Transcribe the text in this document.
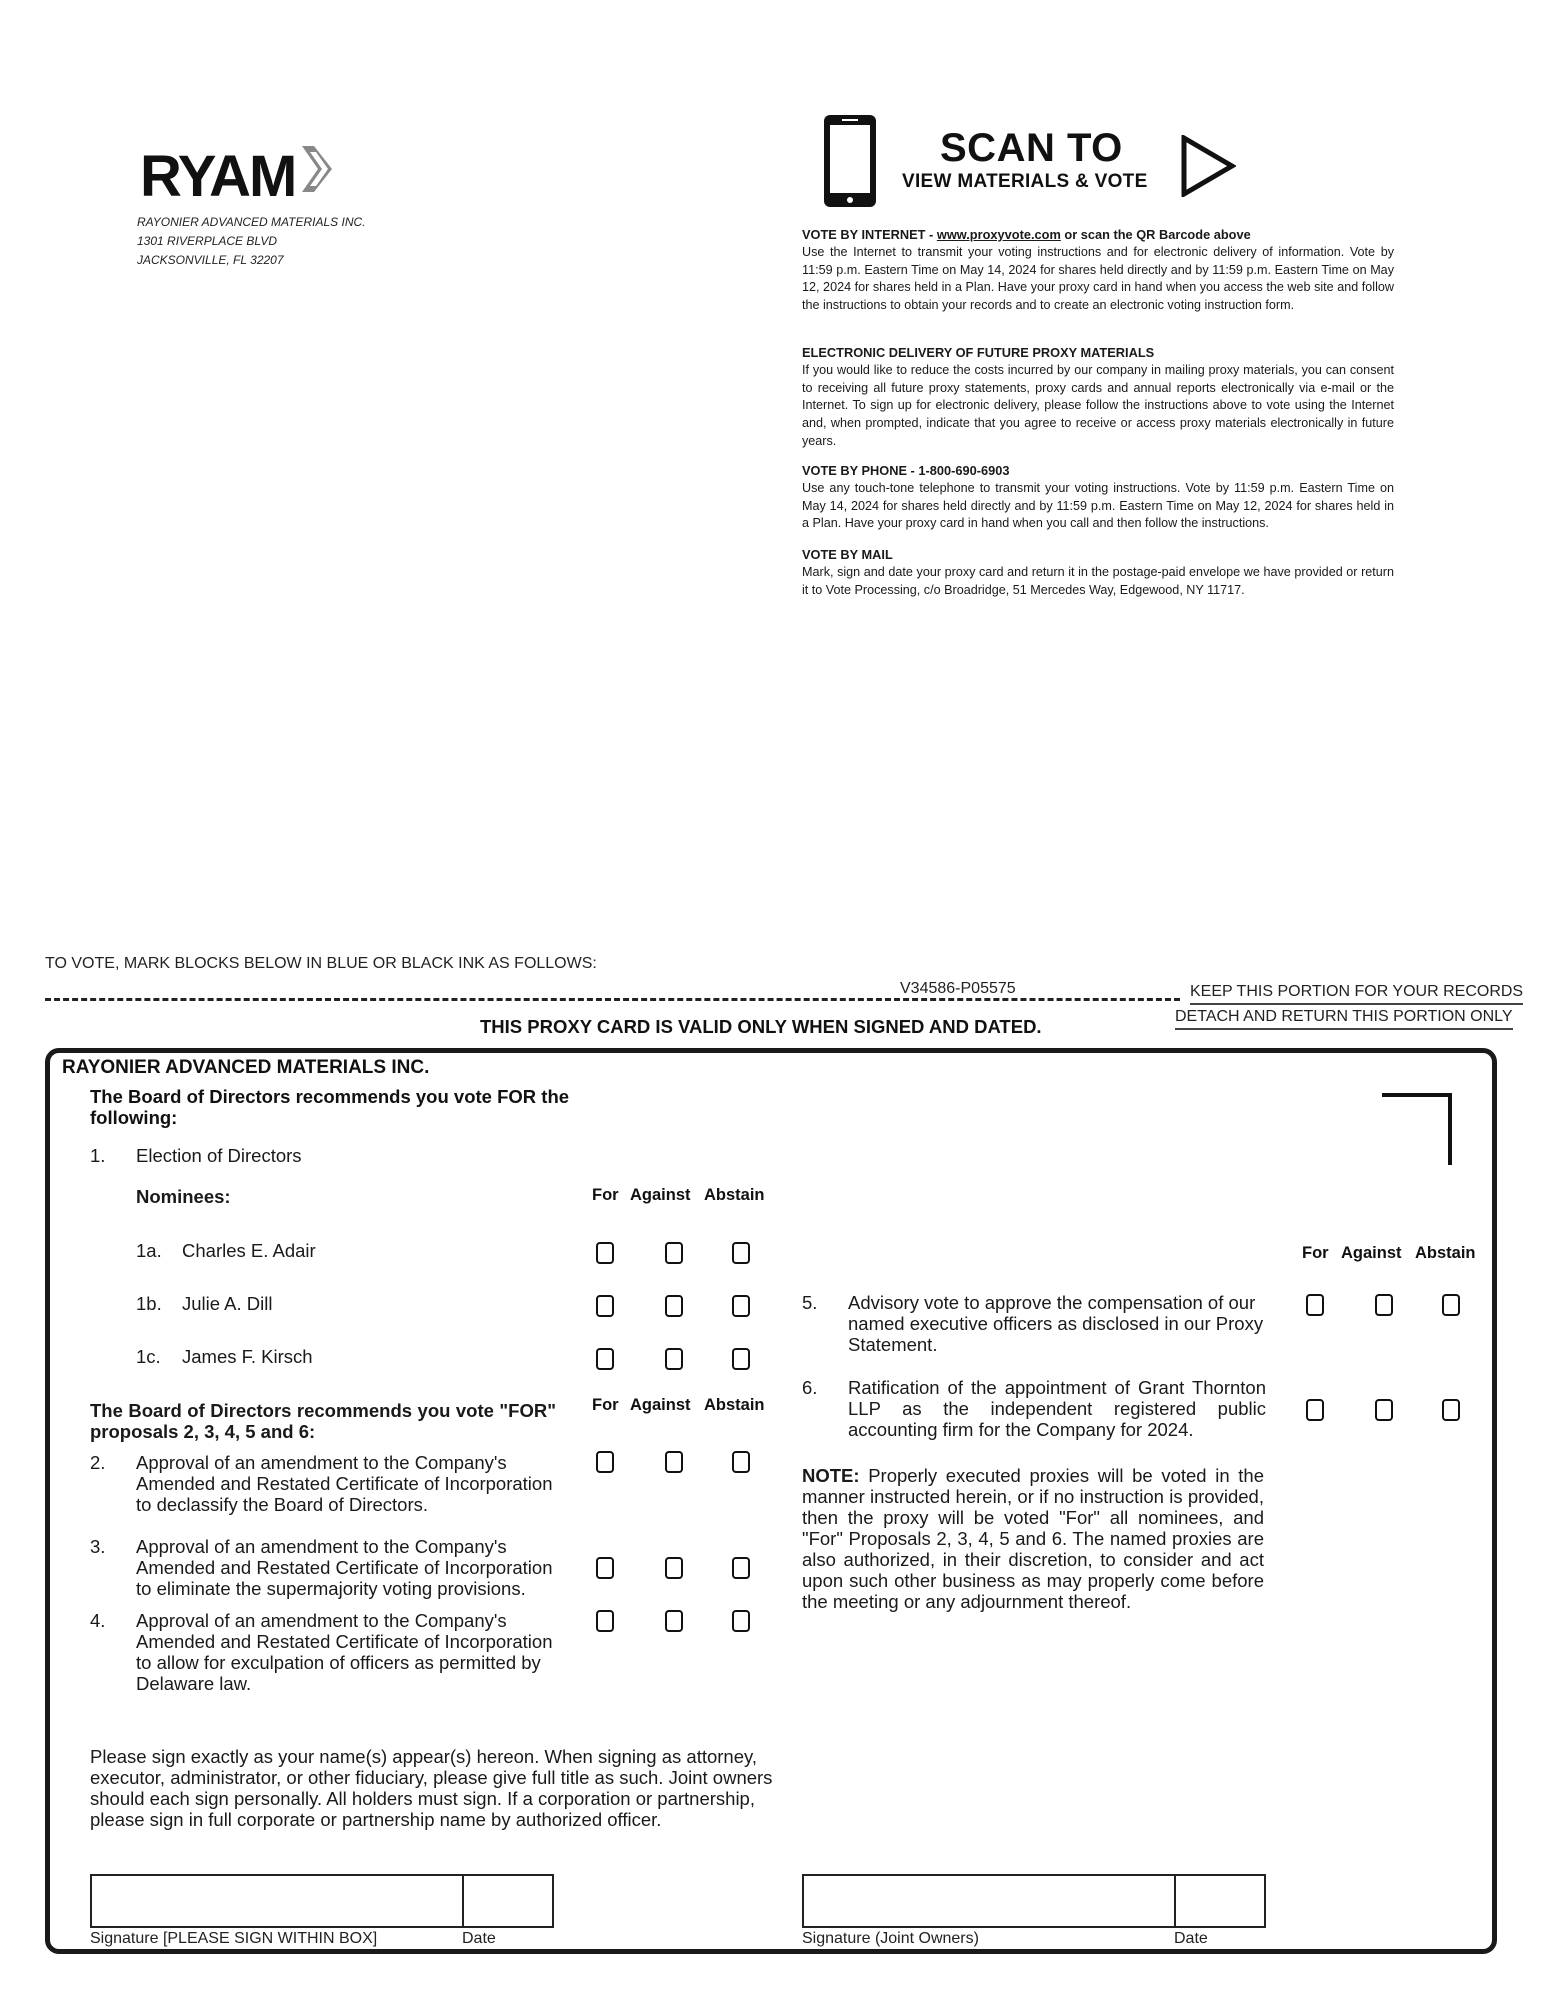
RYAM
RAYONIER ADVANCED MATERIALS INC.
1301 RIVERPLACE BLVD
JACKSONVILLE, FL 32207
SCAN TO
VIEW MATERIALS & VOTE
VOTE BY INTERNET - www.proxyvote.com or scan the QR Barcode above
Use the Internet to transmit your voting instructions and for electronic delivery of information. Vote by 11:59 p.m. Eastern Time on May 14, 2024 for shares held directly and by 11:59 p.m. Eastern Time on May 12, 2024 for shares held in a Plan. Have your proxy card in hand when you access the web site and follow the instructions to obtain your records and to create an electronic voting instruction form.
ELECTRONIC DELIVERY OF FUTURE PROXY MATERIALS
If you would like to reduce the costs incurred by our company in mailing proxy materials, you can consent to receiving all future proxy statements, proxy cards and annual reports electronically via e-mail or the Internet. To sign up for electronic delivery, please follow the instructions above to vote using the Internet and, when prompted, indicate that you agree to receive or access proxy materials electronically in future years.
VOTE BY PHONE - 1-800-690-6903
Use any touch-tone telephone to transmit your voting instructions. Vote by 11:59 p.m. Eastern Time on May 14, 2024 for shares held directly and by 11:59 p.m. Eastern Time on May 12, 2024 for shares held in a Plan. Have your proxy card in hand when you call and then follow the instructions.
VOTE BY MAIL
Mark, sign and date your proxy card and return it in the postage-paid envelope we have provided or return it to Vote Processing, c/o Broadridge, 51 Mercedes Way, Edgewood, NY 11717.
TO VOTE, MARK BLOCKS BELOW IN BLUE OR BLACK INK AS FOLLOWS:
V34586-P05575	KEEP THIS PORTION FOR YOUR RECORDS
DETACH AND RETURN THIS PORTION ONLY
THIS PROXY CARD IS VALID ONLY WHEN SIGNED AND DATED.
RAYONIER ADVANCED MATERIALS INC.
The Board of Directors recommends you vote FOR the following:
1. Election of Directors
Nominees:	For Against Abstain
1a. Charles E. Adair
1b. Julie A. Dill
1c. James F. Kirsch
The Board of Directors recommends you vote "FOR" proposals 2, 3, 4, 5 and 6:
For Against Abstain
2. Approval of an amendment to the Company's Amended and Restated Certificate of Incorporation to declassify the Board of Directors.
3. Approval of an amendment to the Company's Amended and Restated Certificate of Incorporation to eliminate the supermajority voting provisions.
4. Approval of an amendment to the Company's Amended and Restated Certificate of Incorporation to allow for exculpation of officers as permitted by Delaware law.
For Against Abstain
5. Advisory vote to approve the compensation of our named executive officers as disclosed in our Proxy Statement.
6. Ratification of the appointment of Grant Thornton LLP as the independent registered public accounting firm for the Company for 2024.
NOTE: Properly executed proxies will be voted in the manner instructed herein, or if no instruction is provided, then the proxy will be voted "For" all nominees, and "For" Proposals 2, 3, 4, 5 and 6. The named proxies are also authorized, in their discretion, to consider and act upon such other business as may properly come before the meeting or any adjournment thereof.
Please sign exactly as your name(s) appear(s) hereon. When signing as attorney, executor, administrator, or other fiduciary, please give full title as such. Joint owners should each sign personally. All holders must sign. If a corporation or partnership, please sign in full corporate or partnership name by authorized officer.
Signature [PLEASE SIGN WITHIN BOX]	Date	Signature (Joint Owners)	Date
